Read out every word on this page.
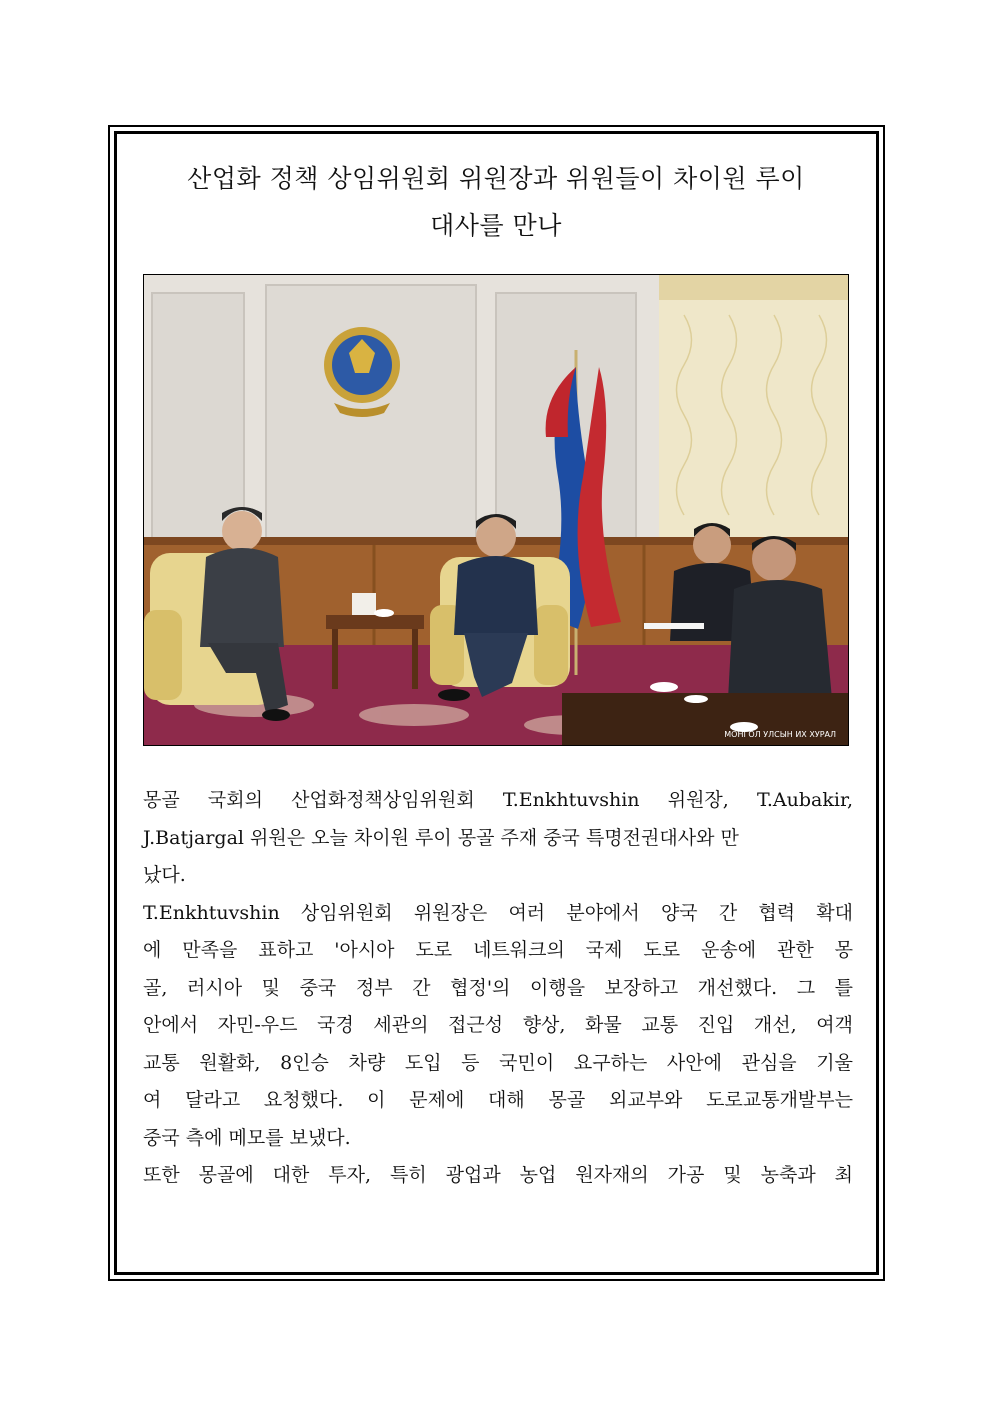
산업화 정책 상임위원회 위원장과 위원들이 차이원 루이
대사를 만나
МОНГОЛ УЛСЫН ИХ ХУРАЛ
몽골 국회의 산업화정책상임위원회 T.Enkhtuvshin 위원장, T.Aubakir,
J.Batjargal 위원은 오늘 차이원 루이 몽골 주재 중국 특명전권대사와 만
났다.
T.Enkhtuvshin 상임위원회 위원장은 여러 분야에서 양국 간 협력 확대
에 만족을 표하고 '아시아 도로 네트워크의 국제 도로 운송에 관한 몽
골, 러시아 및 중국 정부 간 협정'의 이행을 보장하고 개선했다. 그 틀
안에서 자민-우드 국경 세관의 접근성 향상, 화물 교통 진입 개선, 여객
교통 원활화, 8인승 차량 도입 등 국민이 요구하는 사안에 관심을 기울
여 달라고 요청했다. 이 문제에 대해 몽골 외교부와 도로교통개발부는
중국 측에 메모를 보냈다.
또한 몽골에 대한 투자, 특히 광업과 농업 원자재의 가공 및 농축과 최
